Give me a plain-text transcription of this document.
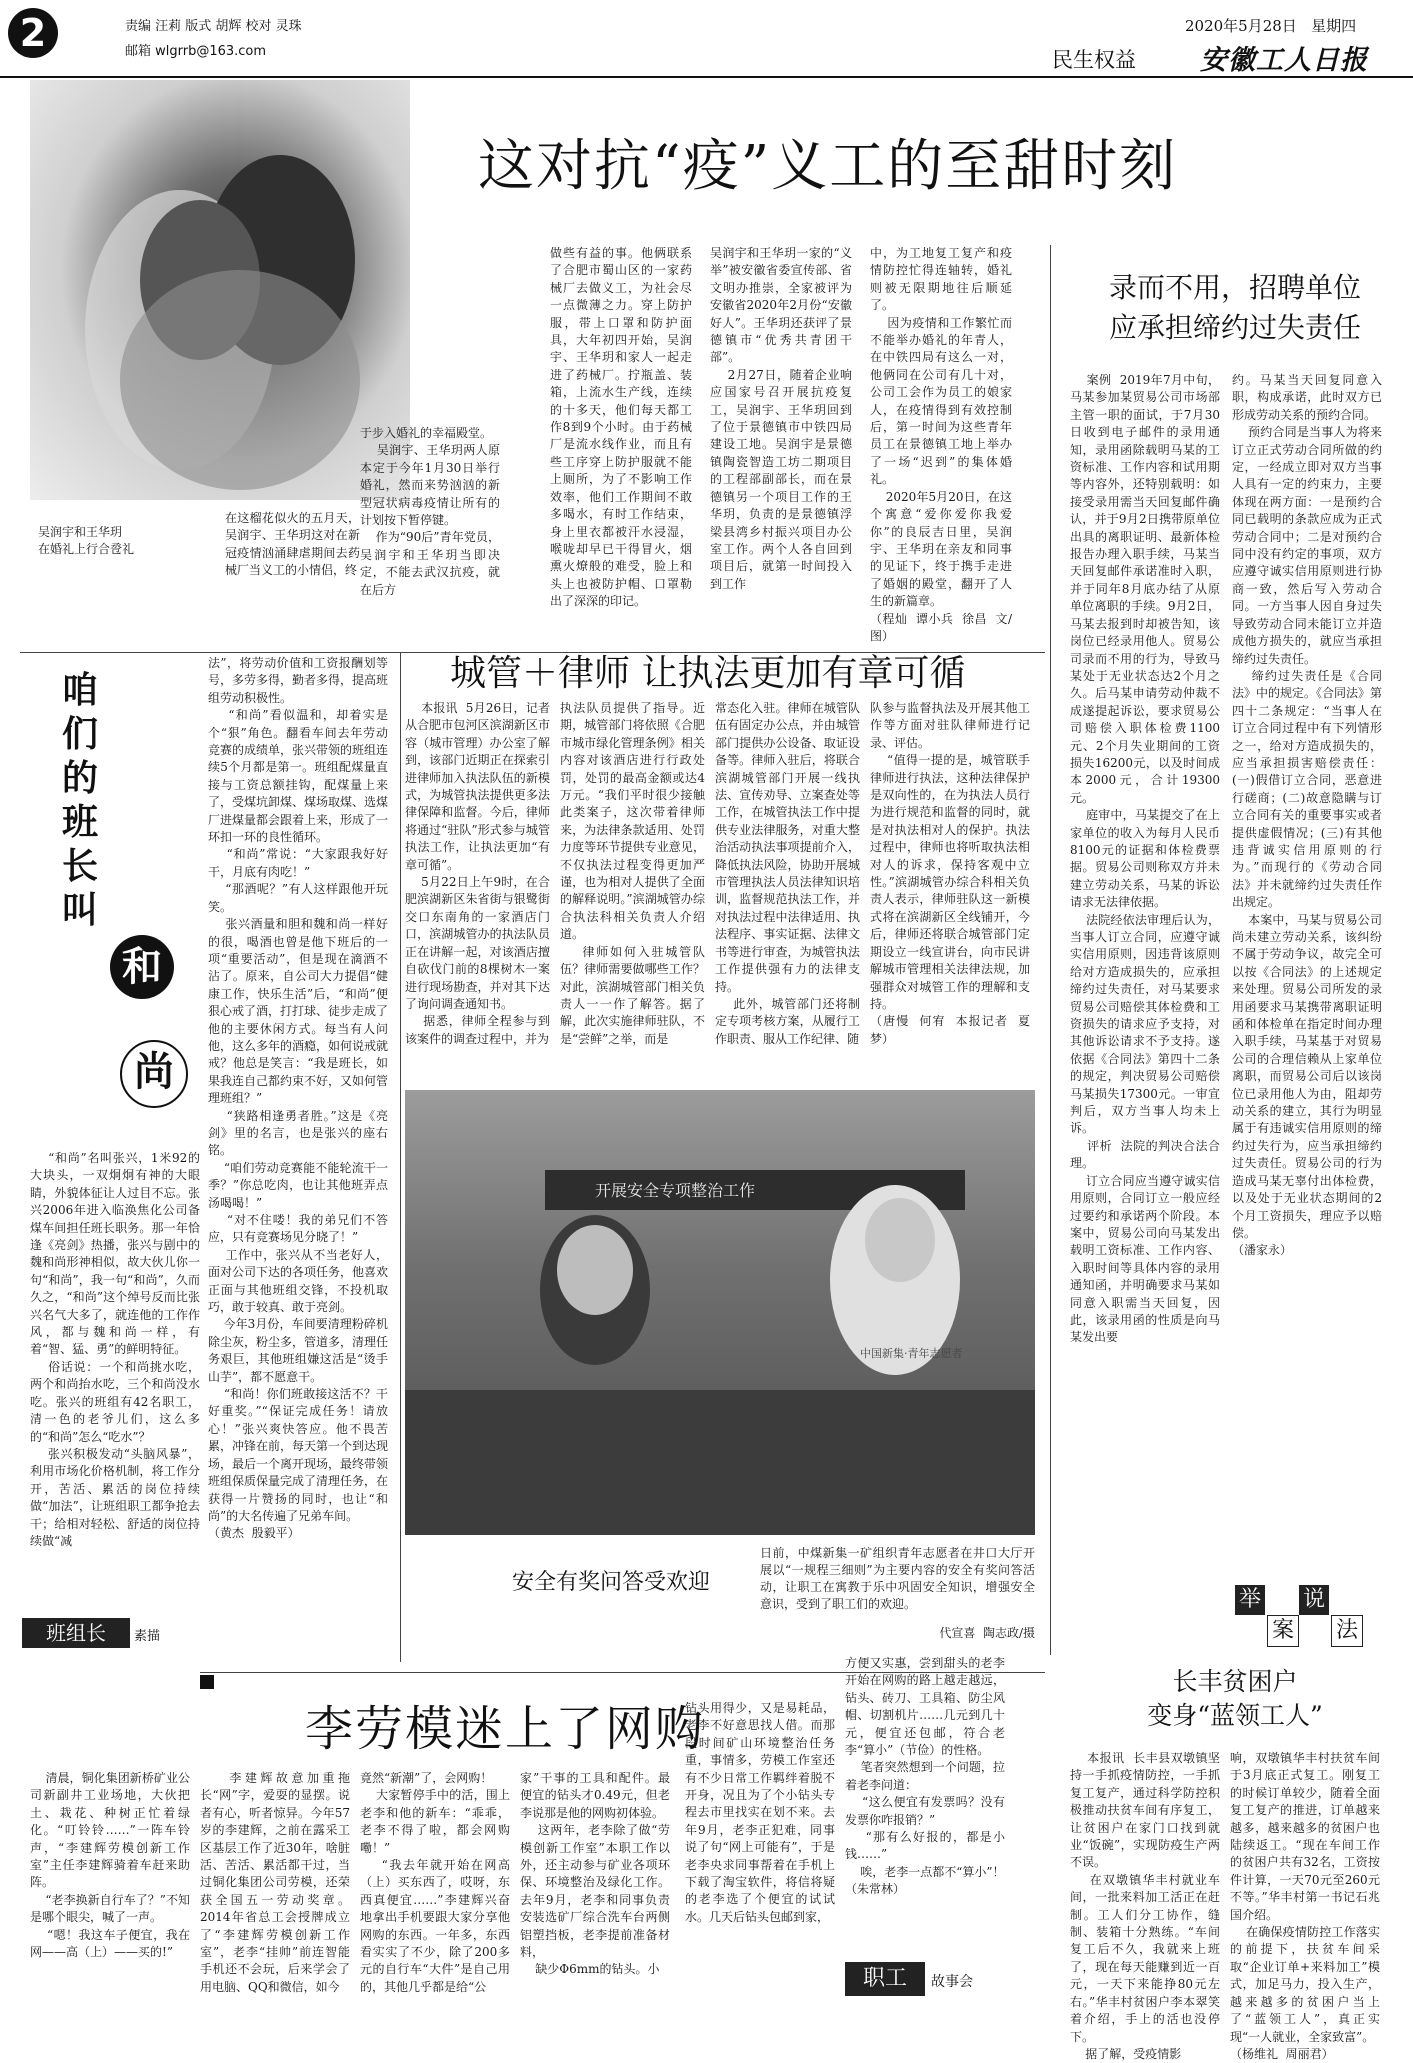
2	责编 汪莉 版式 胡辉 校对 灵珠
邮箱 wlgrrb@163.com
2020年5月28日   星期四
民生权益 安徽工人日报
吴润宇和王华玥
在婚礼上行合卺礼
这对抗“疫”义工的至甜时刻
在这榴花似火的五月天，吴润宇、王华玥这对在新冠疫情汹涌肆虐期间去药械厂当义工的小情侣，终
于步入婚礼的幸福殿堂。
吴润宇、王华玥两人原本定于今年1月30日举行婚礼，然而来势汹汹的新型冠状病毒疫情让所有的计划按下暂停键。
作为“90后”青年党员，吴润宇和王华玥当即决定，不能去武汉抗疫，就在后方
做些有益的事。他俩联系了合肥市蜀山区的一家药械厂去做义工，为社会尽一点微薄之力。穿上防护服，带上口罩和防护面具，大年初四开始，吴润宇、王华玥和家人一起走进了药械厂。拧瓶盖、装箱，上流水生产线，连续的十多天，他们每天都工作8到9个小时。由于药械厂是流水线作业，而且有些工序穿上防护服就不能上厕所，为了不影响工作效率，他们工作期间不敢多喝水，有时工作结束，身上里衣都被汗水浸湿，喉咙却早已干得冒火，烟熏火燎般的难受，脸上和头上也被防护帽、口罩勒出了深深的印记。
吴润宇和王华玥一家的“义举”被安徽省委宣传部、省文明办推崇，全家被评为安徽省2020年2月份“安徽好人”。王华玥还获评了景德镇市“优秀共青团干部”。
2月27日，随着企业响应国家号召开展抗疫复工，吴润宇、王华玥回到了位于景德镇市中铁四局建设工地。吴润宇是景德镇陶瓷智造工坊二期项目的工程部副部长，而在景德镇另一个项目工作的王华玥，负责的是景德镇浮梁县湾乡村振兴项目办公室工作。两个人各自回到项目后，就第一时间投入到工作
中，为工地复工复产和疫情防控忙得连轴转，婚礼则被无限期地往后顺延了。
因为疫情和工作繁忙而不能举办婚礼的年青人，在中铁四局有这么一对，他俩同在公司有几十对，公司工会作为员工的娘家人，在疫情得到有效控制后，第一时间为这些青年员工在景德镇工地上举办了一场“迟到”的集体婚礼。
2020年5月20日，在这个寓意“爱你爱你我爱你”的良辰吉日里，吴润宇、王华玥在亲友和同事的见证下，终于携手走进了婚姻的殿堂，翻开了人生的新篇章。
（程灿  谭小兵  徐昌  文/图）
录而不用，招聘单位
应承担缔约过失责任
案例  2019年7月中旬，马某参加某贸易公司市场部主管一职的面试，于7月30日收到电子邮件的录用通知，录用函除载明马某的工资标准、工作内容和试用期等内容外，还特别载明：如接受录用需当天回复邮件确认，并于9月2日携带原单位出具的离职证明、最新体检报告办理入职手续，马某当天回复邮件承诺准时入职，并于同年8月底办结了从原单位离职的手续。9月2日，马某去报到时却被告知，该岗位已经录用他人。贸易公司录而不用的行为，导致马某处于无业状态达2个月之久。后马某申请劳动仲裁不成遂提起诉讼，要求贸易公司赔偿入职体检费1100元、2个月失业期间的工资损失16200元，以及时间成本2000元，合计19300元。
庭审中，马某提交了在上家单位的收入为每月人民币8100元的证据和体检费票据。贸易公司则称双方并未建立劳动关系，马某的诉讼请求无法律依据。
法院经依法审理后认为，当事人订立合同，应遵守诚实信用原则，因违背该原则给对方造成损失的，应承担缔约过失责任，对马某要求贸易公司赔偿其体检费和工资损失的请求应予支持，对其他诉讼请求不予支持。遂依据《合同法》第四十二条的规定，判决贸易公司赔偿马某损失17300元。一审宣判后，双方当事人均未上诉。
评析  法院的判决合法合理。
订立合同应当遵守诚实信用原则，合同订立一般应经过要约和承诺两个阶段。本案中，贸易公司向马某发出载明工资标准、工作内容、入职时间等具体内容的录用通知函，并明确要求马某如同意入职需当天回复，因此，该录用函的性质是向马某发出要
约。马某当天回复同意入职，构成承诺，此时双方已形成劳动关系的预约合同。
预约合同是当事人为将来订立正式劳动合同所做的约定，一经成立即对双方当事人具有一定的约束力，主要体现在两方面：一是预约合同已载明的条款应成为正式劳动合同中；二是对预约合同中没有约定的事项，双方应遵守诚实信用原则进行协商一致，然后写入劳动合同。一方当事人因自身过失导致劳动合同未能订立并造成他方损失的，就应当承担缔约过失责任。
缔约过失责任是《合同法》中的规定。《合同法》第四十二条规定：“当事人在订立合同过程中有下列情形之一，给对方造成损失的，应当承担损害赔偿责任：(一)假借订立合同，恶意进行磋商；(二)故意隐瞒与订立合同有关的重要事实或者提供虚假情况；(三)有其他违背诚实信用原则的行为。”而现行的《劳动合同法》并未就缔约过失责任作出规定。
本案中，马某与贸易公司尚未建立劳动关系，该纠纷不属于劳动争议，故完全可以按《合同法》的上述规定来处理。贸易公司所发的录用函要求马某携带离职证明函和体检单在指定时间办理入职手续，马某基于对贸易公司的合理信赖从上家单位离职，而贸易公司后以该岗位已录用他人为由，阻却劳动关系的建立，其行为明显属于有违诚实信用原则的缔约过失行为，应当承担缔约过失责任。贸易公司的行为造成马某无辜付出体检费，以及处于无业状态期间的2个月工资损失，理应予以赔偿。
（潘家永）
举
案
说
法
咱
们
的
班
长
叫
和
尚
法”，将劳动价值和工资报酬划等号，多劳多得，勤者多得，提高班组劳动积极性。
“和尚”看似温和，却着实是个“狠”角色。翻看车间去年劳动竞赛的成绩单，张兴带领的班组连续5个月都是第一。班组配煤量直接与工资总额挂钩，配煤量上来了，受煤坑卸煤、煤场取煤、选煤厂进煤量都会跟着上来，形成了一环扣一环的良性循环。
“和尚”常说：“大家跟我好好干，月底有肉吃！”
“那酒呢？”有人这样跟他开玩笑。
张兴酒量和胆和魏和尚一样好的很，喝酒也曾是他下班后的一项“重要活动”，但是现在滴酒不沾了。原来，自公司大力提倡“健康工作，快乐生活”后，“和尚”便狠心戒了酒，打打球、徒步走成了他的主要休闲方式。每当有人问他，这么多年的酒瘾，如何说戒就戒？他总是笑言：“我是班长，如果我连自己都约束不好，又如何管理班组？”
“狭路相逢勇者胜。”这是《亮剑》里的名言，也是张兴的座右铭。
“咱们劳动竞赛能不能轮流干一季？”你总吃肉，也让其他班弄点汤喝喝！”
“对不住喽！我的弟兄们不答应，只有竞赛场见分晓了！”
工作中，张兴从不当老好人，面对公司下达的各项任务，他喜欢正面与其他班组交锋，不投机取巧，敢于较真、敢于亮剑。
今年3月份，车间要清理粉碎机除尘灰，粉尘多，管道多，清理任务艰巨，其他班组嫌这活是“烫手山芋”，都不愿意干。
“和尚！你们班敢接这活不？干好重奖。”“保证完成任务！请放心！”张兴爽快答应。他不畏苦累，冲锋在前，每天第一个到达现场，最后一个离开现场，最终带领班组保质保量完成了清理任务，在获得一片赞扬的同时，也让“和尚”的大名传遍了兄弟车间。
（黄杰  殷毅平）
“和尚”名叫张兴，1米92的大块头，一双炯炯有神的大眼睛，外貌体征让人过目不忘。张兴2006年进入临涣焦化公司备煤车间担任班长职务。那一年恰逢《亮剑》热播，张兴与剧中的魏和尚形神相似，故大伙儿你一句“和尚”，我一句“和尚”，久而久之，“和尚”这个绰号反而比张兴名气大多了，就连他的工作作风，都与魏和尚一样，有着“智、猛、勇”的鲜明特征。
俗话说：一个和尚挑水吃，两个和尚抬水吃，三个和尚没水吃。张兴的班组有42名职工，清一色的老爷儿们，这么多的“和尚”怎么“吃水”？
张兴积极发动“头脑风暴”，利用市场化价格机制，将工作分开，苦活、累活的岗位持续做“加法”，让班组职工都争抢去干；给相对轻松、舒适的岗位持续做“减
班组长	素描
城管＋律师 让执法更加有章可循
本报讯  5月26日，记者从合肥市包河区滨湖新区市容（城市管理）办公室了解到，该部门近期正在探索引进律师加入执法队伍的新模式，为城管执法提供更多法律保障和监督。今后，律师将通过“驻队”形式参与城管执法工作，让执法更加“有章可循”。
5月22日上午9时，在合肥滨湖新区朱省街与银鹭街交口东南角的一家酒店门口，滨湖城管办的执法队员正在讲解一起，对该酒店擅自砍伐门前的8棵树木一案进行现场勘查，并对其下达了询问调查通知书。
据悉，律师全程参与到该案件的调查过程中，并为
执法队员提供了指导。近期，城管部门将依照《合肥市城市绿化管理条例》相关内容对该酒店进行行政处罚，处罚的最高金额或达4万元。“我们平时很少接触此类案子，这次带着律师来，为法律条款适用、处罚力度等环节提供专业意见，不仅执法过程变得更加严谨，也为相对人提供了全面的解释说明。”滨湖城管办综合执法科相关负责人介绍道。
律师如何入驻城管队伍？律师需要做哪些工作？对此，滨湖城管部门相关负责人一一作了解答。据了解，此次实施律师驻队，不是“尝鲜”之举，而是
常态化入驻。律师在城管队伍有固定办公点，并由城管部门提供办公设备、取证设备等。律师入驻后，将联合滨湖城管部门开展一线执法、宣传劝导、立案查处等工作，在城管执法工作中提供专业法律服务，对重大整治活动执法事项提前介入，降低执法风险，协助开展城市管理执法人员法律知识培训，监督规范执法工作，并对执法过程中法律适用、执法程序、事实证据、法律文书等进行审查，为城管执法工作提供强有力的法律支持。
此外，城管部门还将制定专项考核方案，从履行工作职责、服从工作纪律、随
队参与监督执法及开展其他工作等方面对驻队律师进行记录、评估。
“值得一提的是，城管联手律师进行执法，这种法律保护是双向性的，在为执法人员行为进行规范和监督的同时，就是对执法相对人的保护。执法过程中，律师也将听取执法相对人的诉求，保持客观中立性。”滨湖城管办综合科相关负责人表示，律师驻队这一新模式将在滨湖新区全线铺开，今后，律师还将联合城管部门定期设立一线宣讲台，向市民讲解城市管理相关法律法规，加强群众对城管工作的理解和支持。
（唐慢  何宥  本报记者  夏梦）
开展安全专项整治工作
中国新集·青年志愿者
安全有奖问答受欢迎
日前，中煤新集一矿组织青年志愿者在井口大厅开展以“一规程三细则”为主要内容的安全有奖问答活动，让职工在寓教于乐中巩固安全知识，增强安全意识，受到了职工们的欢迎。
代宣喜  陶志政/摄
长丰贫困户
变身“蓝领工人”
本报讯  长丰县双墩镇坚持一手抓疫情防控，一手抓复工复产，通过科学防控积极推动扶贫车间有序复工，让贫困户在家门口找到就业“饭碗”，实现防疫生产两不误。
在双墩镇华丰村就业车间，一批来料加工活正在赶制。工人们分工协作，缝制、装箱十分熟练。“车间复工后不久，我就来上班了，现在每天能赚到近一百元，一天下来能挣80元左右。”华丰村贫困户李本翠笑着介绍，手上的活也没停下。
据了解，受疫情影
响，双墩镇华丰村扶贫车间于3月底正式复工。刚复工的时候订单较少，随着全面复工复产的推进，订单越来越多，越来越多的贫困户也陆续返工。“现在车间工作的贫困户共有32名，工资按件计算，一天70元至260元不等。”华丰村第一书记石兆国介绍。
在确保疫情防控工作落实的前提下，扶贫车间采取“企业订单+来料加工”模式，加足马力，投入生产，越来越多的贫困户当上了“蓝领工人”，真正实现“一人就业，全家致富”。
（杨维礼  周丽君）
李劳模迷上了网购
清晨，铜化集团新桥矿业公司新副井工业场地，大伙把土、栽花、种树正忙着绿化。“叮铃铃……”一阵车铃声，“李建辉劳模创新工作室”主任李建辉骑着车赶来助阵。
“老李换新自行车了？”不知是哪个眼尖，喊了一声。
“嗯！我这车子便宜，我在网——高（上）——买的!”
李建辉故意加重拖长“网”字，爱耍的显摆。说者有心，听者惊异。今年57岁的李建辉，之前在露采工区基层工作了近30年，啥脏活、苦活、累活都干过，当过铜化集团公司劳模，还荣获全国五一劳动奖章。2014年省总工会授牌成立了“李建辉劳模创新工作室”，老李“挂帅”前连智能手机还不会玩，后来学会了用电脑、QQ和微信，如今
竟然“新潮”了，会网购！
大家暂停手中的活，围上老李和他的新车：“乖乖，老李不得了啦，都会网购嘞！”
“我去年就开始在网高（上）买东西了，哎呀，东西真便宜……”李建辉兴奋地拿出手机要跟大家分享他网购的东西。一年多，东西看实实了不少，除了200多元的自行车“大件”是自己用的，其他几乎都是给“公
家”干事的工具和配件。最便宜的钻头才0.49元，但老李说那是他的网购初体验。
这两年，老李除了做“劳模创新工作室”本职工作以外，还主动参与矿业各项环保、环境整治及绿化工作。去年9月，老李和同事负责安装选矿厂综合洗车台两侧铝塑挡板，老李提前准备材料，
缺少Φ6mm的钻头。小
钻头用得少，又是易耗品，老李不好意思找人借。而那段时间矿山环境整治任务重，事情多，劳模工作室还有不少日常工作羁绊着脱不开身，况且为了个小钻头专程去市里找实在划不来。去年9月，老李正犯难，同事说了句“网上可能有”，于是老李央求同事帮着在手机上下载了淘宝软件，将信将疑的老李选了个便宜的试试水。几天后钻头包邮到家，
方便又实惠，尝到甜头的老李开始在网购的路上越走越远，钻头、砖刀、工具箱、防尘风帽、切割机片……几元到几十元，便宜还包邮，符合老李“算小”（节俭）的性格。
笔者突然想到一个问题，拉着老李问道：
“这么便宜有发票吗？没有发票你咋报销？”
“那有么好报的，都是小钱……”
唉，老李一点都不“算小”！
（朱常林）
职工	故事会
